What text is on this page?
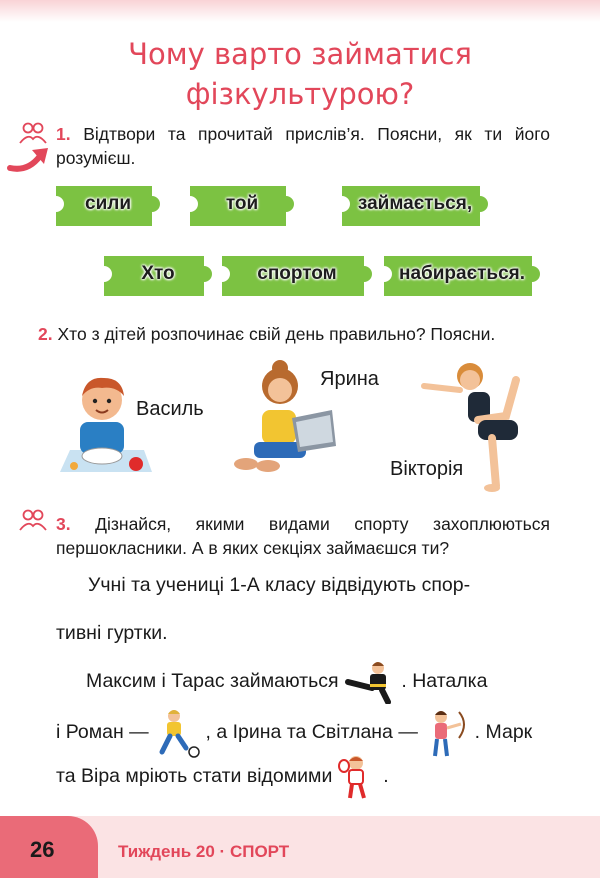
Чому варто займатися
фізкультурою?
1. Відтвори та прочитай прислів’я. Поясни, як ти його розумієш.
сили	той	займається,
Хто	спортом	набирається.
2. Хто з дітей розпочинає свій день правильно? Поясни.
Василь
Ярина
Вікторія
3. Дізнайся, якими видами спорту захоплюються першокласники. А в яких секціях займаєшся ти?
Учні та учениці 1-А класу відвідують спор-
тивні гуртки.
Максим і Тарас займаються	. Наталка
і Роман —	, а Ірина та Світлана —	. Марк
та Віра мріють стати відомими	.
26	Тиждень 20 · СПОРТ
